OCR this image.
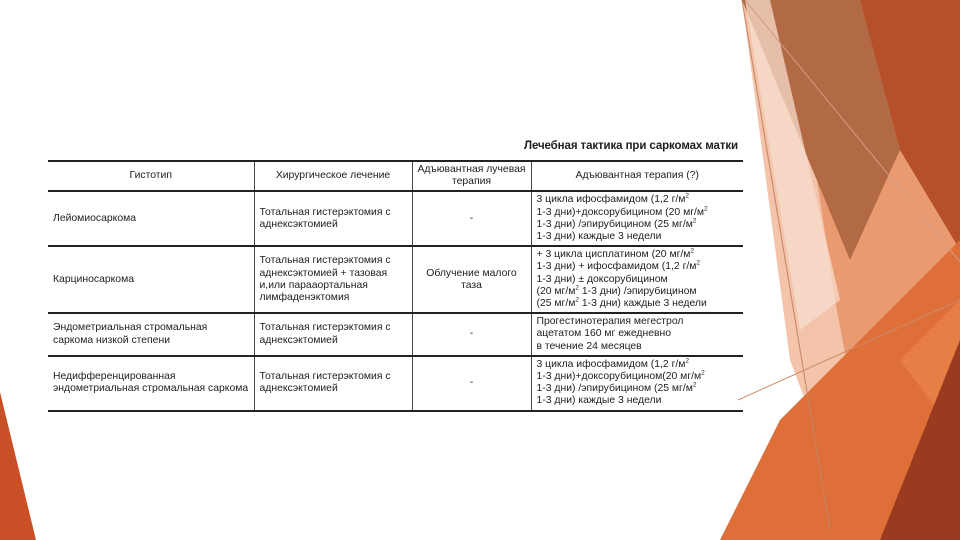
Лечебная тактика при саркомах матки
Гистотип	Хирургическое лечение	Адъювантная лучевая терапия	Адъювантная терапия (?)
Лейомиосаркома	Тотальная гистерэктомия с аднексэктомией	-	3 цикла ифосфамидом (1,2 $г/м^2$
1-3 дни)+доксорубицином (20 $мг/м^2$
1-3 дни) /эпирубицином (25 $мг/м^2$
1-3 дни) каждые 3 недели

Карциносаркома	Тотальная гистерэктомия с аднексэктомией + тазовая и,или парааортальная лимфаденэктомия	Облучение малого таза	+ 3 цикла цисплатином (20 $мг/м^2$
1-3 дни) + ифосфамидом (1,2 $г/м^2$
1-3 дни) ± доксорубицином
(20 $мг/м^2$ 1-3 дни) /эпирубицином
(25 $мг/м^2$ 1-3 дни) каждые 3 недели

Эндометриальная стромальная саркома низкой степени	Тотальная гистерэктомия с аднексэктомией	-	Прогестинотерапия мегестрол
ацетатом 160 мг ежедневно
в течение 24 месяцев

Недифференцированная эндометриальная стромальная саркома	Тотальная гистерэктомия с аднексэктомией	-	3 цикла ифосфамидом (1,2 $г/м^2$
1-3 дни)+доксорубицином(20 $мг/м^2$
1-3 дни) /эпирубицином (25 $мг/м^2$
1-3 дни) каждые 3 недели
